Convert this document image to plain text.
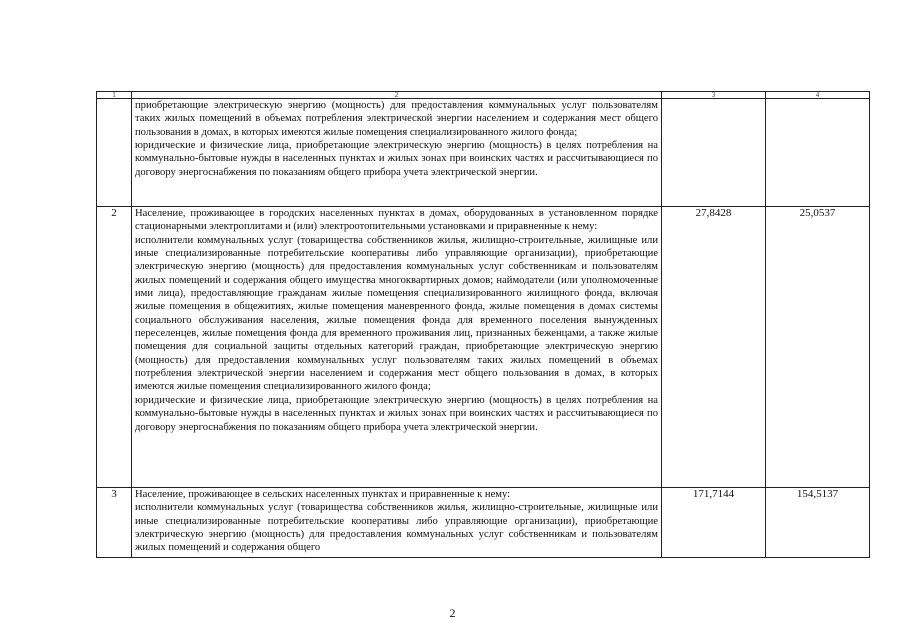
1	2	3	4

	приобретающие электрическую энергию (мощность) для предоставления коммунальных услуг пользователям таких жилых помещений в объемах потребления электрической энергии населением и содержания мест общего пользования в домах, в которых имеются жилые помещения специализированного жилого фонда;
юридические и физические лица, приобретающие электрическую энергию (мощность) в целях потребления на коммунально-бытовые нужды в населенных пунктах и жилых зонах при воинских частях и рассчитывающиеся по договору энергоснабжения по показаниям общего прибора учета электрической энергии.		

2	Население, проживающее в городских населенных пунктах в домах, оборудованных в установленном порядке стационарными электроплитами и (или) электроотопительными установками и приравненные к нему:
исполнители коммунальных услуг (товарищества собственников жилья, жилищно-строительные, жилищные или иные специализированные потребительские кооперативы либо управляющие организации), приобретающие электрическую энергию (мощность) для предоставления коммунальных услуг собственникам и пользователям жилых помещений и содержания общего имущества многоквартирных домов; наймодатели (или уполномоченные ими лица), предоставляющие гражданам жилые помещения специализированного жилищного фонда, включая жилые помещения в общежитиях, жилые помещения маневренного фонда, жилые помещения в домах системы социального обслуживания населения, жилые помещения фонда для временного поселения вынужденных переселенцев, жилые помещения фонда для временного проживания лиц, признанных беженцами, а также жилые помещения для социальной защиты отдельных категорий граждан, приобретающие электрическую энергию (мощность) для предоставления коммунальных услуг пользователям таких жилых помещений в объемах потребления электрической энергии населением и содержания мест общего пользования в домах, в которых имеются жилые помещения специализированного жилого фонда;
юридические и физические лица, приобретающие электрическую энергию (мощность) в целях потребления на коммунально-бытовые нужды в населенных пунктах и жилых зонах при воинских частях и рассчитывающиеся по договору энергоснабжения по показаниям общего прибора учета электрической энергии.	27,8428	25,0537
3	Население, проживающее в сельских населенных пунктах и приравненные к нему:
исполнители коммунальных услуг (товарищества собственников жилья, жилищно-строительные, жилищные или иные специализированные потребительские кооперативы либо управляющие организации), приобретающие электрическую энергию (мощность) для предоставления коммунальных услуг собственникам и пользователям жилых помещений и содержания общего	171,7144	154,5137
2
